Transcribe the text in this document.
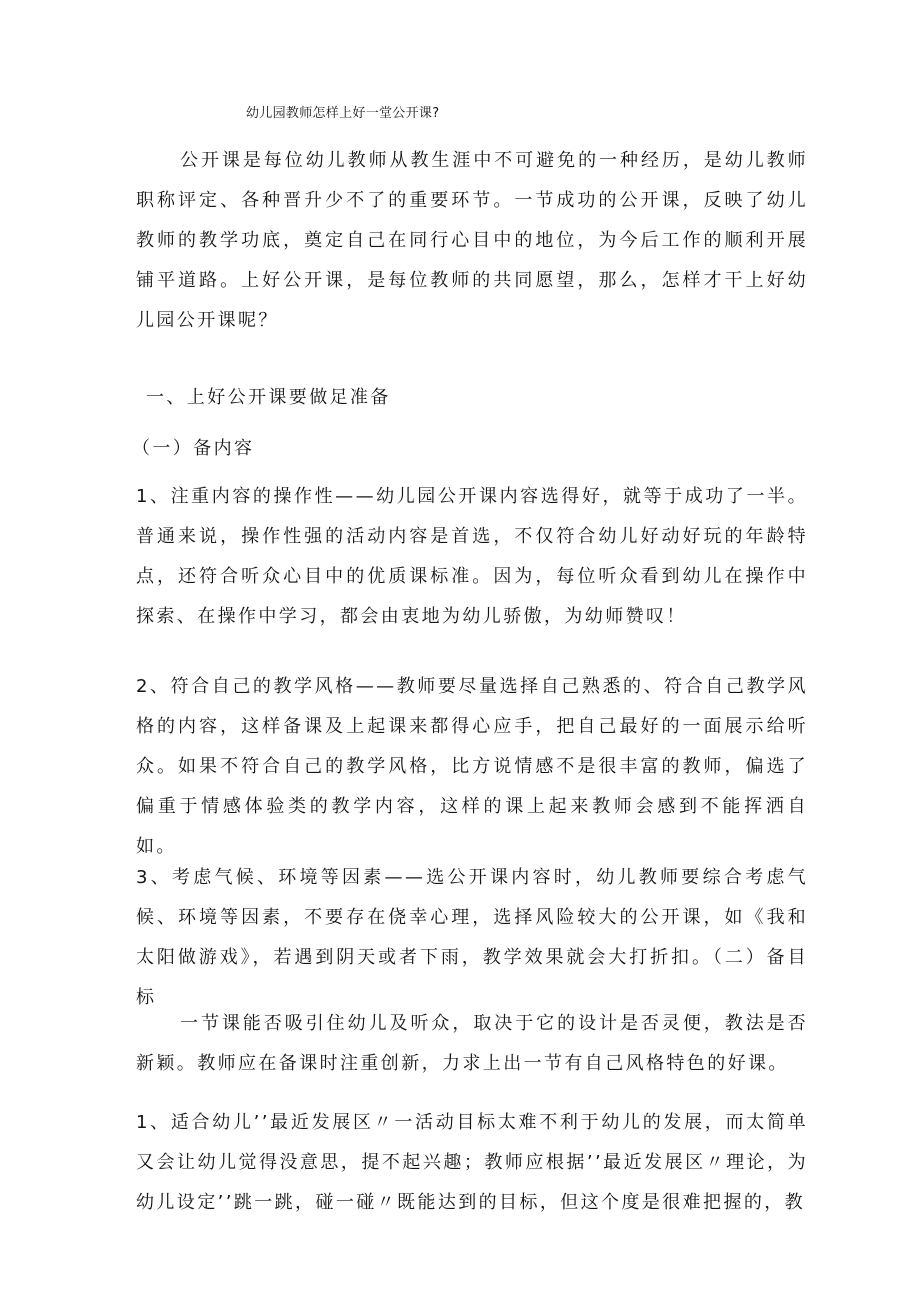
幼儿园教师怎样上好一堂公开课?
公开课是每位幼儿教师从教生涯中不可避免的一种经历，是幼儿教师职称评定、各种晋升少不了的重要环节。一节成功的公开课，反映了幼儿教师的教学功底，奠定自己在同行心目中的地位，为今后工作的顺利开展铺平道路。上好公开课，是每位教师的共同愿望，那么，怎样才干上好幼儿园公开课呢？
一、上好公开课要做足准备
（一）备内容
1、注重内容的操作性——幼儿园公开课内容选得好，就等于成功了一半。普通来说，操作性强的活动内容是首选，不仅符合幼儿好动好玩的年龄特点，还符合听众心目中的优质课标准。因为，每位听众看到幼儿在操作中探索、在操作中学习，都会由衷地为幼儿骄傲，为幼师赞叹！
2、符合自己的教学风格——教师要尽量选择自己熟悉的、符合自己教学风格的内容，这样备课及上起课来都得心应手，把自己最好的一面展示给听众。如果不符合自己的教学风格，比方说情感不是很丰富的教师，偏选了偏重于情感体验类的教学内容，这样的课上起来教师会感到不能挥洒自如。
3、考虑气候、环境等因素——选公开课内容时，幼儿教师要综合考虑气候、环境等因素，不要存在侥幸心理，选择风险较大的公开课，如《我和太阳做游戏》，若遇到阴天或者下雨，教学效果就会大打折扣。（二）备目标
一节课能否吸引住幼儿及听众，取决于它的设计是否灵便，教法是否新颖。教师应在备课时注重创新，力求上出一节有自己风格特色的好课。
1、适合幼儿’’最近发展区〃一活动目标太难不利于幼儿的发展，而太简单又会让幼儿觉得没意思，提不起兴趣；教师应根据’’最近发展区〃理论，为幼儿设定’’跳一跳，碰一碰〃既能达到的目标，但这个度是很难把握的，教
